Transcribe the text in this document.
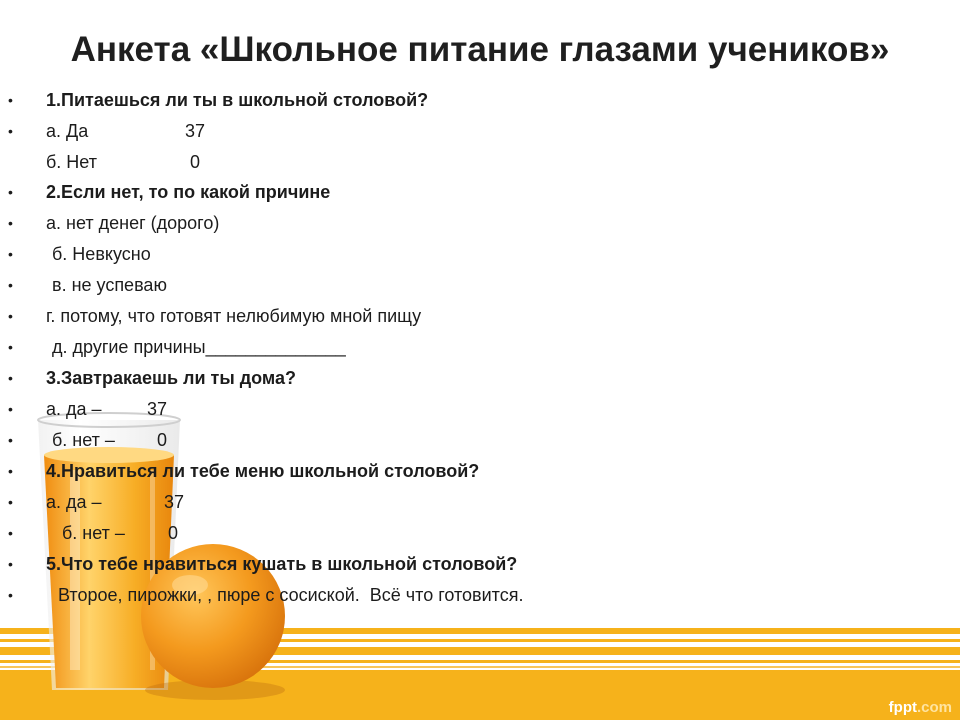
Анкета «Школьное питание глазами учеников»
• 1.Питаешься ли ты в школьной столовой?
• а. Да	37
б. Нет	0
• 2.Если нет, то по какой причине
• а. нет денег (дорого)
• б. Невкусно
• в. не успеваю
• г. потому, что готовят нелюбимую мной пищу
• д. другие причины______________
• 3.Завтракаешь ли ты дома?
• а. да –	37
• б. нет – 0
• 4.Нравиться ли тебе меню школьной столовой?
• а. да –	37
•	б. нет – 0
• 5.Что тебе нравиться кушать в школьной столовой?
•	Второе, пирожки, , пюре с сосиской.  Всё что готовится.
fppt.com
